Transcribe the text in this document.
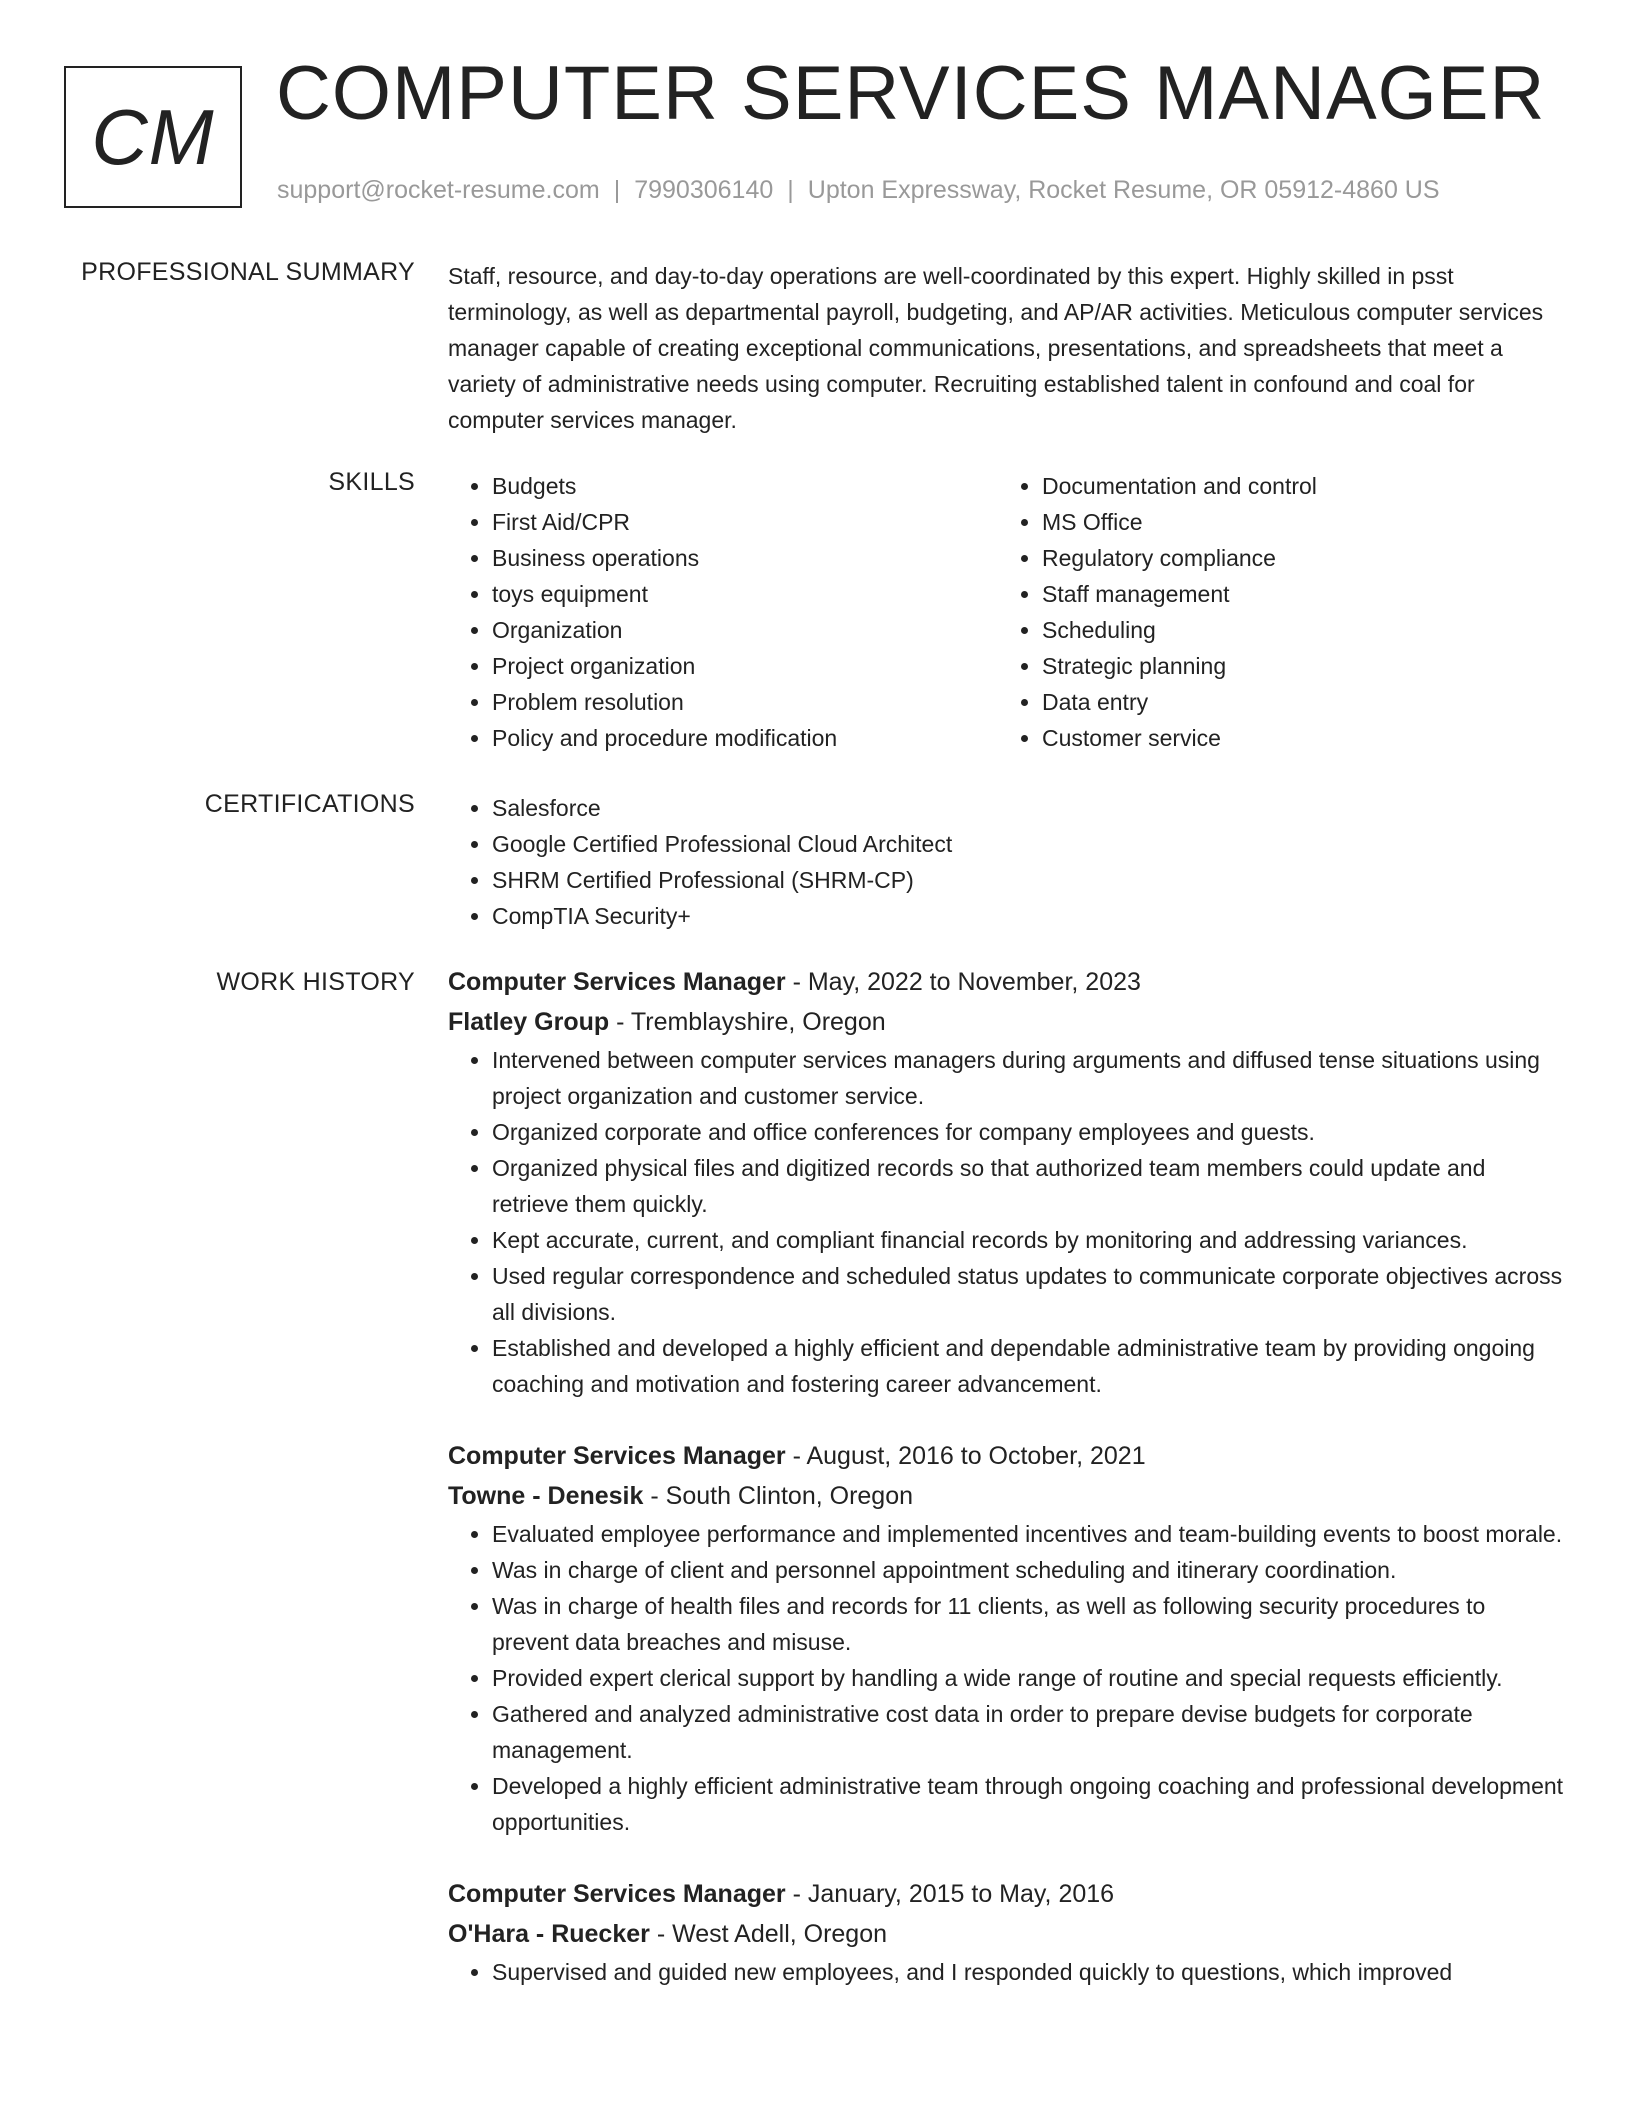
CM COMPUTER SERVICES MANAGER
support@rocket-resume.com | 7990306140 | Upton Expressway, Rocket Resume, OR 05912-4860 US
PROFESSIONAL SUMMARY Staff, resource, and day-to-day operations are well-coordinated by this expert. Highly skilled in psst terminology, as well as departmental payroll, budgeting, and AP/AR activities. Meticulous computer services manager capable of creating exceptional communications, presentations, and spreadsheets that meet a variety of administrative needs using computer. Recruiting established talent in confound and coal for computer services manager.

SKILLS	• Budgets
• First Aid/CPR
• Business operations
• toys equipment
• Organization
• Project organization
• Problem resolution
• Policy and procedure modification
• Documentation and control
• MS Office
• Regulatory compliance
• Staff management
• Scheduling
• Strategic planning
• Data entry
• Customer service
CERTIFICATIONS	• Salesforce
• Google Certified Professional Cloud Architect
• SHRM Certified Professional (SHRM-CP)
• CompTIA Security+
WORK HISTORY Computer Services Manager - May, 2022 to November, 2023
Flatley Group - Tremblayshire, Oregon
• Intervened between computer services managers during arguments and diffused tense situations using project organization and customer service.
• Organized corporate and office conferences for company employees and guests.
• Organized physical files and digitized records so that authorized team members could update and retrieve them quickly.
• Kept accurate, current, and compliant financial records by monitoring and addressing variances.
• Used regular correspondence and scheduled status updates to communicate corporate objectives across all divisions.
• Established and developed a highly efficient and dependable administrative team by providing ongoing coaching and motivation and fostering career advancement.
Computer Services Manager - August, 2016 to October, 2021
Towne - Denesik - South Clinton, Oregon
• Evaluated employee performance and implemented incentives and team-building events to boost morale.
• Was in charge of client and personnel appointment scheduling and itinerary coordination.
• Was in charge of health files and records for 11 clients, as well as following security procedures to prevent data breaches and misuse.
• Provided expert clerical support by handling a wide range of routine and special requests efficiently.
• Gathered and analyzed administrative cost data in order to prepare devise budgets for corporate management.
• Developed a highly efficient administrative team through ongoing coaching and professional development opportunities.
Computer Services Manager - January, 2015 to May, 2016
O'Hara - Ruecker - West Adell, Oregon
• Supervised and guided new employees, and I responded quickly to questions, which improved
